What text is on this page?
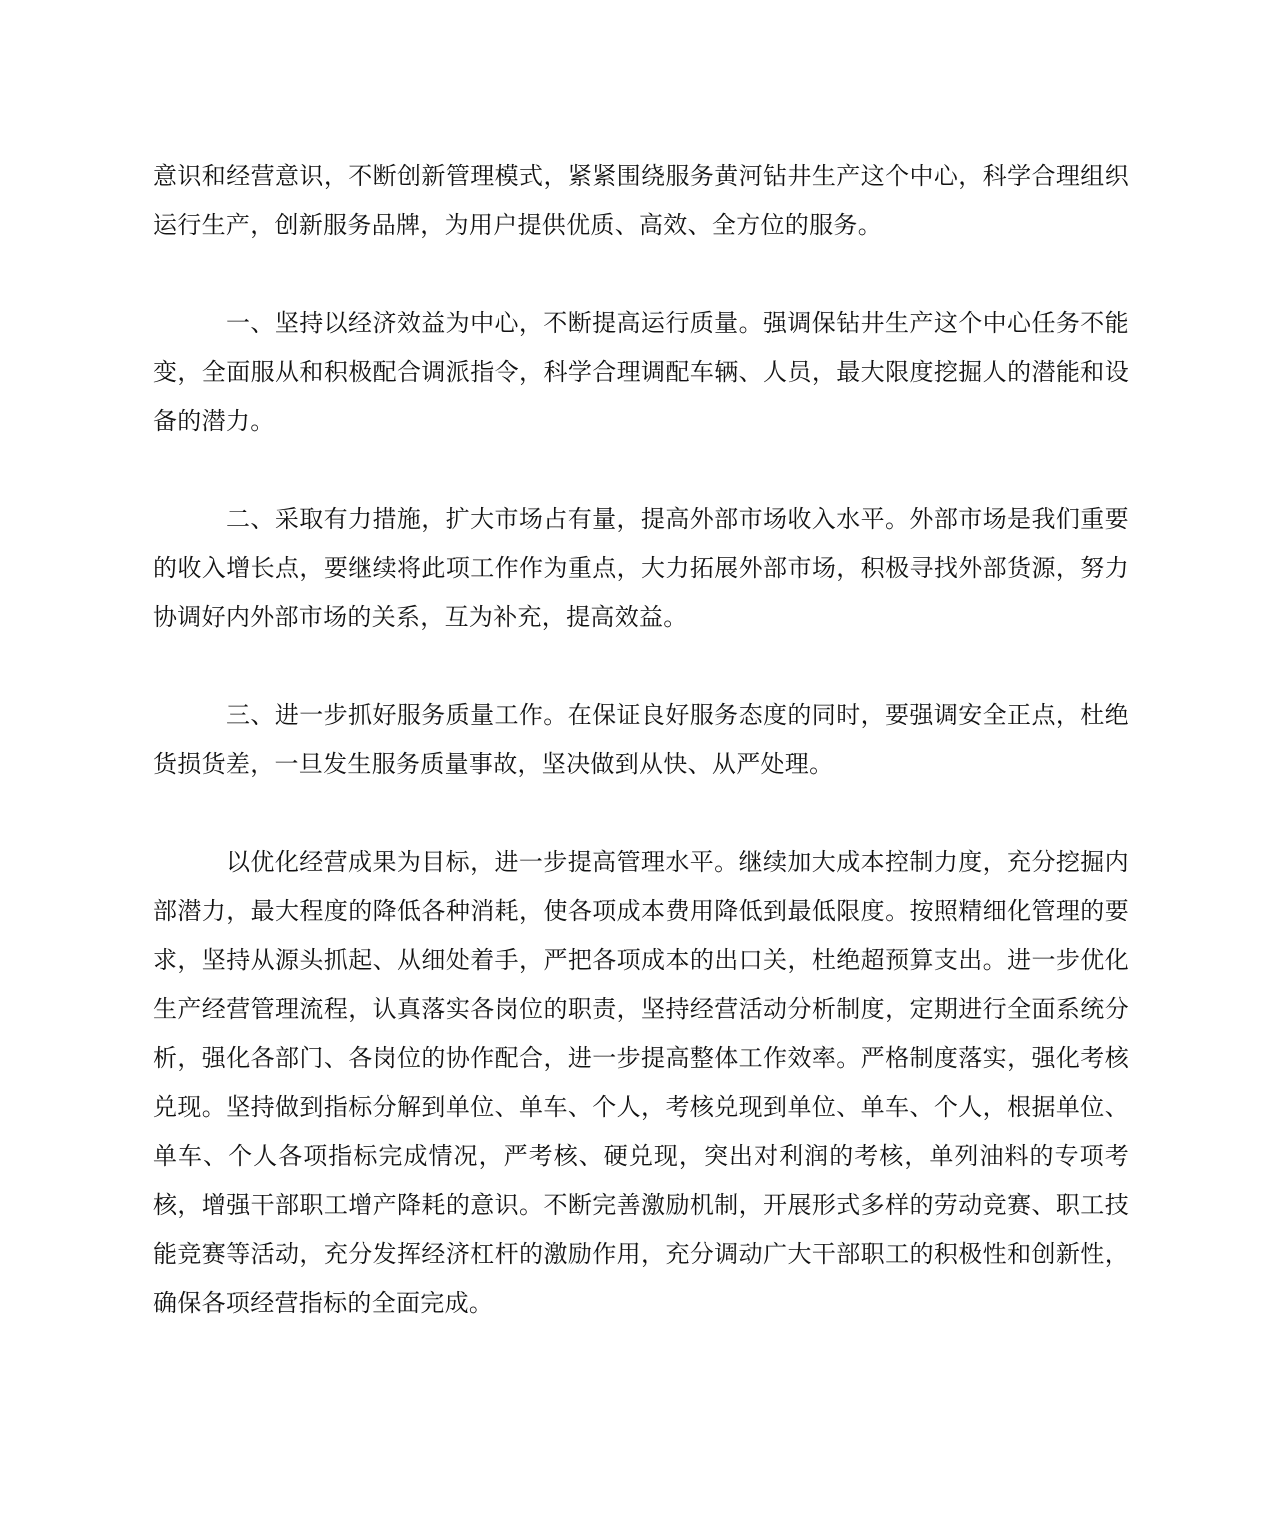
意识和经营意识，不断创新管理模式，紧紧围绕服务黄河钻井生产这个中心，科学合理组织运行生产，创新服务品牌，为用户提供优质、高效、全方位的服务。

一、坚持以经济效益为中心，不断提高运行质量。强调保钻井生产这个中心任务不能变，全面服从和积极配合调派指令，科学合理调配车辆、人员，最大限度挖掘人的潜能和设备的潜力。

二、采取有力措施，扩大市场占有量，提高外部市场收入水平。外部市场是我们重要的收入增长点，要继续将此项工作作为重点，大力拓展外部市场，积极寻找外部货源，努力协调好内外部市场的关系，互为补充，提高效益。

三、进一步抓好服务质量工作。在保证良好服务态度的同时，要强调安全正点，杜绝货损货差，一旦发生服务质量事故，坚决做到从快、从严处理。

以优化经营成果为目标，进一步提高管理水平。继续加大成本控制力度，充分挖掘内部潜力，最大程度的降低各种消耗，使各项成本费用降低到最低限度。按照精细化管理的要求，坚持从源头抓起、从细处着手，严把各项成本的出口关，杜绝超预算支出。进一步优化生产经营管理流程，认真落实各岗位的职责，坚持经营活动分析制度，定期进行全面系统分析，强化各部门、各岗位的协作配合，进一步提高整体工作效率。严格制度落实，强化考核兑现。坚持做到指标分解到单位、单车、个人，考核兑现到单位、单车、个人，根据单位、单车、个人各项指标完成情况，严考核、硬兑现，突出对利润的考核，单列油料的专项考核，增强干部职工增产降耗的意识。不断完善激励机制，开展形式多样的劳动竞赛、职工技能竞赛等活动，充分发挥经济杠杆的激励作用，充分调动广大干部职工的积极性和创新性，确保各项经营指标的全面完成。
